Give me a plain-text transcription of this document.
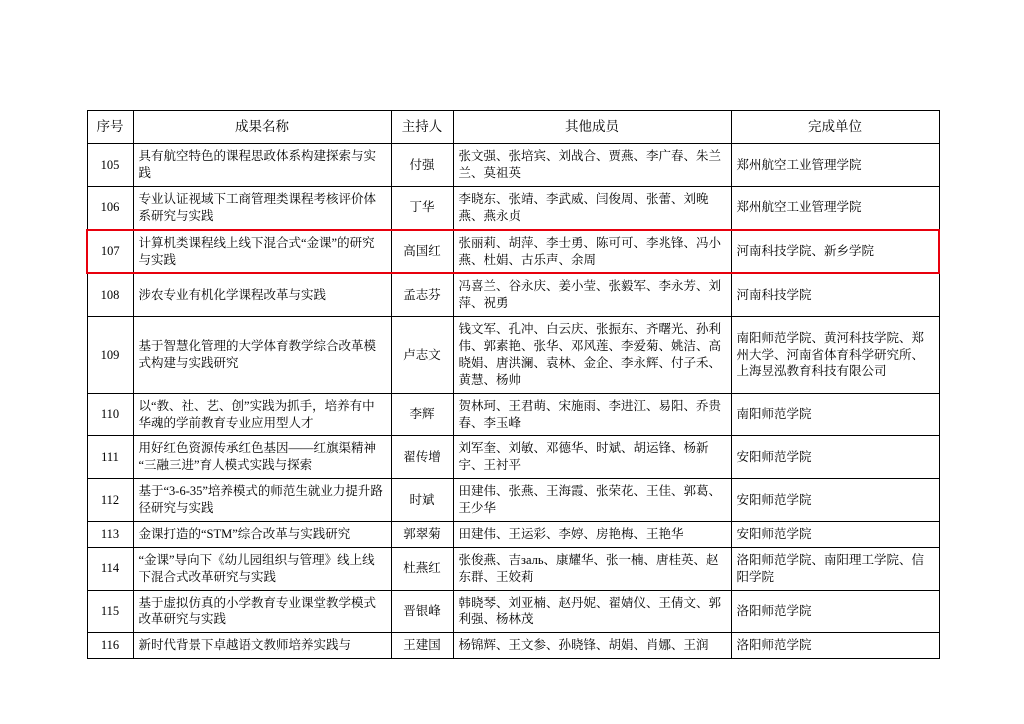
序号	成果名称	主持人	其他成员	完成单位
105	具有航空特色的课程思政体系构建探索与实践	付强	张文强、张培宾、刘战合、贾燕、李广春、朱兰兰、莫祖英	郑州航空工业管理学院
106	专业认证视域下工商管理类课程考核评价体系研究与实践	丁华	李晓东、张靖、李武威、闫俊周、张蕾、刘晚燕、燕永贞	郑州航空工业管理学院
107	计算机类课程线上线下混合式“金课”的研究与实践	高国红	张丽莉、胡萍、李士勇、陈可可、李兆锋、冯小燕、杜娟、古乐声、余周	河南科技学院、新乡学院
108	涉农专业有机化学课程改革与实践	孟志芬	冯喜兰、谷永庆、姜小莹、张毅军、李永芳、刘萍、祝勇	河南科技学院
109	基于智慧化管理的大学体育教学综合改革模式构建与实践研究	卢志文	钱文军、孔冲、白云庆、张振东、齐曙光、孙利伟、郭素艳、张华、邓风莲、李爱菊、姚洁、高晓娟、唐洪澜、袁林、金企、李永辉、付子禾、黄慧、杨帅	南阳师范学院、黄河科技学院、郑州大学、河南省体育科学研究所、上海昱泓教育科技有限公司
110	以“教、社、艺、创”实践为抓手，培养有中华魂的学前教育专业应用型人才	李辉	贺林珂、王君萌、宋施雨、李进江、易阳、乔贵春、李玉峰	南阳师范学院
111	用好红色资源传承红色基因——红旗渠精神“三融三进”育人模式实践与探索	翟传增	刘军奎、刘敏、邓德华、时斌、胡运锋、杨新宇、王衬平	安阳师范学院
112	基于“3-6-35”培养模式的师范生就业力提升路径研究与实践	时斌	田建伟、张燕、王海霞、张荣花、王佳、郭葛、王少华	安阳师范学院
113	金课打造的“STM”综合改革与实践研究	郭翠菊	田建伟、王运彩、李婷、房艳梅、王艳华	安阳师范学院
114	“金课”导向下《幼儿园组织与管理》线上线下混合式改革研究与实践	杜燕红	张俊燕、吉заль、康耀华、张一楠、唐桂英、赵东群、王姣莉	洛阳师范学院、南阳理工学院、信阳学院
115	基于虚拟仿真的小学教育专业课堂教学模式改革研究与实践	晋银峰	韩晓琴、刘亚楠、赵丹妮、翟婧仪、王倩文、郭利强、杨林茂	洛阳师范学院
116	新时代背景下卓越语文教师培养实践与	王建国	杨锦辉、王文参、孙晓锋、胡娟、肖娜、王润	洛阳师范学院
